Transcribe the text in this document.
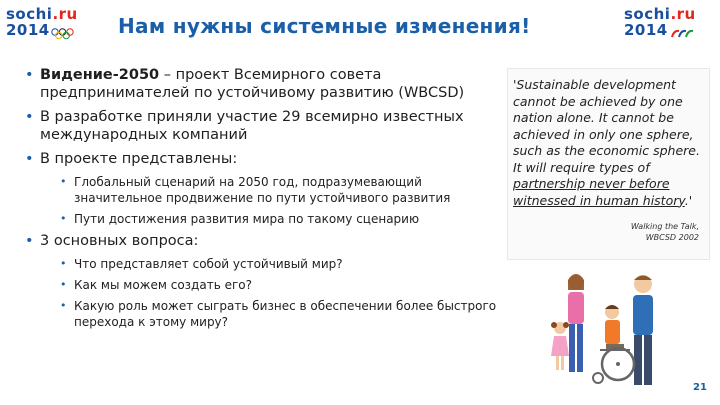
sochi.ru
2014
sochi.ru
2014
Нам нужны системные изменения!
• Видение-2050 – проект Всемирного совета предпринимателей по устойчивому развитию (WBCSD)
• В разработке приняли участие 29 всемирно известных международных компаний
• В проекте представлены:
• Глобальный сценарий на 2050 год, подразумевающий значительное продвижение по пути устойчивого развития
• Пути достижения развития мира по такому сценарию
• 3 основных вопроса:
• Что представляет собой устойчивый мир?
• Как мы можем создать его?
• Какую роль может сыграть бизнес в обеспечении более быстрого перехода к этому миру?
'Sustainable development cannot be achieved by one nation alone. It cannot be achieved in only one sphere, such as the economic sphere. It will require types of partnership never before witnessed in human history.'
Walking the Talk,
WBCSD 2002
21
